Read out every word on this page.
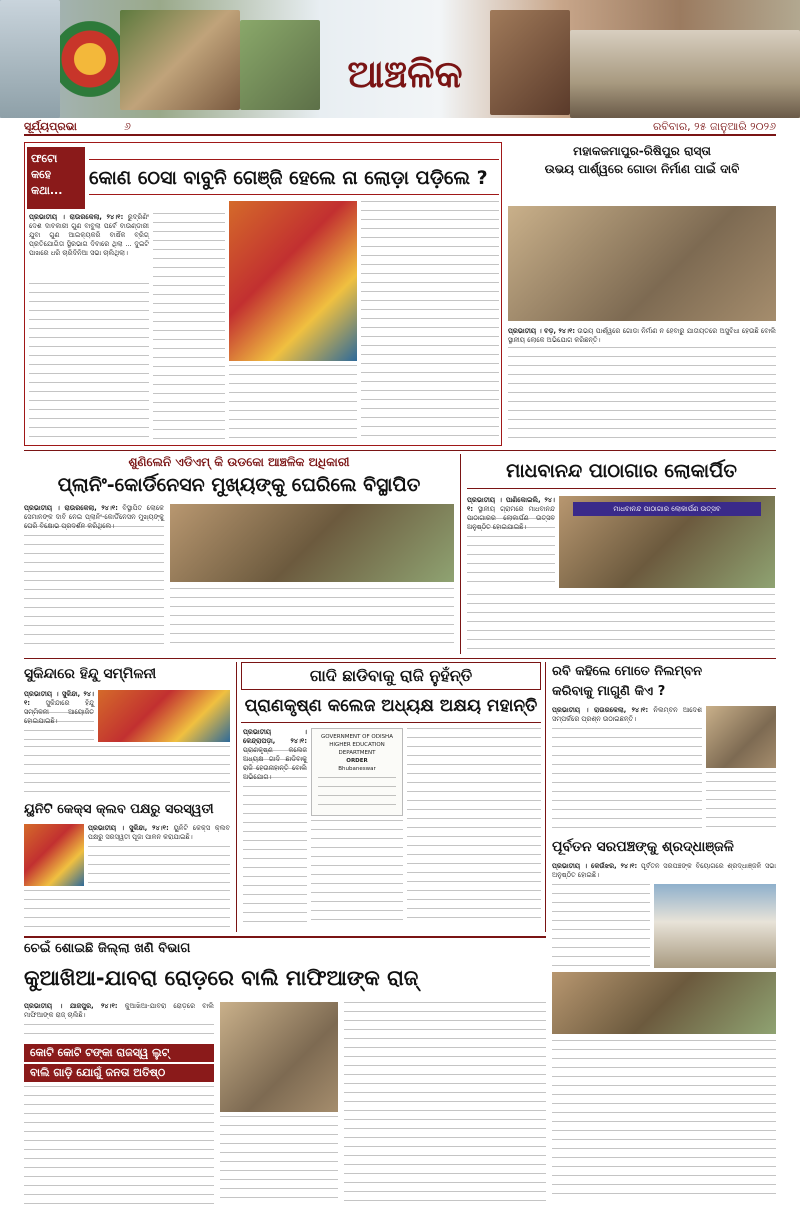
ଆଞ୍ଚଳିକ
ସୂର୍ଯ୍ୟପ୍ରଭା	୬	ରବିବାର, ୨୫ ଜାନୁଆରି ୨୦୨୬
ଫଟୋ
କହେ
କଥା...
କୋଣ ଠେସା ବାବୁନି ଗେଞ୍ଜି ହେଲେ ନା ଲୋଡ଼ା ପଡ଼ିଲେ ?
ପ୍ରଭାତୀୟ । ରାଉରକେଲା, ୨୪।୧: ରୁଦ୍ରିଣିଂ ଦେଶ ଦାବକାରୀ ଗୁଣ ବାବୁଲା ପର୍ବେ ବାଉଣ୍ଡାରୀ ଯୁବା ଗୁଣ ଆଇକ୍ୟକରି ବାର୍ଷିକ ବ୍ରିଗ୍ ପ୍ରତିଯୋଗିତା ସ୍ଥିରଭାଗ ଦିବାରେ ଥିଲା ... ଦୁଇଟି ପାଖରେ ଧରି ଚାରିଦିନିଆ ସଭା ଚାଲିଥିଲା।
ମହାକଜମାପୁର-ରିଷିପୁର ରାସ୍ତା
ଉଭୟ ପାର୍ଶ୍ୱରେ ଗୋଡା ନିର୍ମାଣ ପାଇଁ ଦାବି
ପ୍ରଭାତୀୟ । ବଡ଼, ୨୪।୧: ଉଭୟ ପାର୍ଶ୍ୱରେ ଗୋଡା ନିର୍ମାଣ ନ ହେବାରୁ ଯାତାୟତରେ ଅସୁବିଧା ହେଉଛି ବୋଲି ସ୍ଥାନୀୟ ଲୋକେ ଅଭିଯୋଗ କରିଛନ୍ତି।
ଶୁଣିଲେନି ଏଡିଏମ୍ କି ଉଡକୋ ଆଞ୍ଚଳିକ ଅଧିକାରୀ
ପ୍ଲାନିଂ-କୋର୍ଡିନେସନ ମୁଖ୍ୟଙ୍କୁ ଘେରିଲେ ବିସ୍ଥାପିତ
ପ୍ରଭାତୀୟ । ରାଉରକେଲା, ୨୪।୧: ବିସ୍ଥାପିତ ଲୋକେ ସେମାନଙ୍କ ଦାବି ନେଇ ପ୍ଲାନିଂ-କୋର୍ଡିନେସନ ମୁଖ୍ୟଙ୍କୁ ଘେରି ବିକ୍ଷୋଭ ପ୍ରଦର୍ଶନ କରିଥିଲେ।
ମାଧବାନନ୍ଦ ପାଠାଗାର ଲୋକାର୍ପିତ
ପ୍ରଭାତୀୟ । ପାଣିକୋଇଲି, ୨୪।୧: ସ୍ଥାନୀୟ ଗ୍ରାମରେ ମାଧବାନନ୍ଦ ପାଠାଗାରର ଲୋକାର୍ପଣ ଉତ୍ସବ ଅନୁଷ୍ଠିତ ହୋଇଯାଇଛି।
ମାଧବାନନ୍ଦ ପାଠାଗାର ଲୋକାର୍ପଣ ଉତ୍ସବ
ସୁକିନ୍ଦାରେ ହିନ୍ଦୁ ସମ୍ମିଳନୀ
ପ୍ରଭାତୀୟ । ସୁକିନ୍ଦା, ୨୪।୧: ସୁକିନ୍ଦାରେ ହିନ୍ଦୁ ସମ୍ମିଳନୀ ଆୟୋଜିତ ହୋଇଯାଇଛି।
ୟୁନିଟି କେକ୍ସ କ୍ଲବ ପକ୍ଷରୁ ସରସ୍ୱତୀ
ପ୍ରଭାତୀୟ । ସୁକିନ୍ଦା, ୨୪।୧: ୟୁନିଟି କେକ୍ସ କ୍ଲବ ପକ୍ଷରୁ ସରସ୍ୱତୀ ପୂଜା ପାଳନ କରାଯାଇଛି।
ଗାଦି ଛାଡିବାକୁ ରାଜି ନୁହଁନ୍ତି
ପ୍ରାଣକୃଷ୍ଣ କଲେଜ ଅଧ୍ୟକ୍ଷ ଅକ୍ଷୟ ମହାନ୍ତି
ପ୍ରଭାତୀୟ । କେନ୍ଦ୍ରାପଡ଼ା, ୨୪।୧: ପ୍ରାଣକୃଷ୍ଣ କଲେଜ ଅଧ୍ୟକ୍ଷ ଗାଦି ଛାଡିବାକୁ ରାଜି ହେଉନାହାନ୍ତି ବୋଲି ଅଭିଯୋଗ।
GOVERNMENT OF ODISHA
HIGHER EDUCATION DEPARTMENT
ORDER
Bhubaneswar
ରବି କହିଲେ ମୋତେ ନିଲମ୍ବନ
କରିବାକୁ ମାଗୁଣି କିଏ ?
ପ୍ରଭାତୀୟ । ରାଉରକେଲା, ୨୪।୧: ନିଲମ୍ବନ ଆଦେଶ ସମ୍ପର୍କରେ ପ୍ରଶ୍ନ ଉଠାଇଛନ୍ତି।
ପୂର୍ବତନ ସରପଞ୍ଚଙ୍କୁ ଶ୍ରଦ୍ଧାଞ୍ଜଳି
ପ୍ରଭାତୀୟ । କେଉଁଝର, ୨୪।୧: ପୂର୍ବତନ ସରପଞ୍ଚଙ୍କ ବିୟୋଗରେ ଶ୍ରଦ୍ଧାଞ୍ଜଳି ସଭା ଅନୁଷ୍ଠିତ ହୋଇଛି।
ଚେଇଁ ଶୋଇଛି ଜିଲ୍ଲା ଖଣି ବିଭାଗ
କୁଆଖିଆ-ଯାବରା ରୋଡ଼ରେ ବାଲି ମାଫିଆଙ୍କ ରାଜ୍
ପ୍ରଭାତୀୟ । ଯାଜପୁର, ୨୪।୧: କୁଆଖିଆ-ଯାବରା ରୋଡ଼ରେ ବାଲି ମାଫିଆଙ୍କ ରାଜ୍ ଚାଲିଛି।
କୋଟି କୋଟି ଟଙ୍କା ରାଜସ୍ୱ ଲୁଟ୍
ବାଲି ଗାଡ଼ି ଯୋଗୁଁ ଜନତା ଅତିଷ୍ଠ
